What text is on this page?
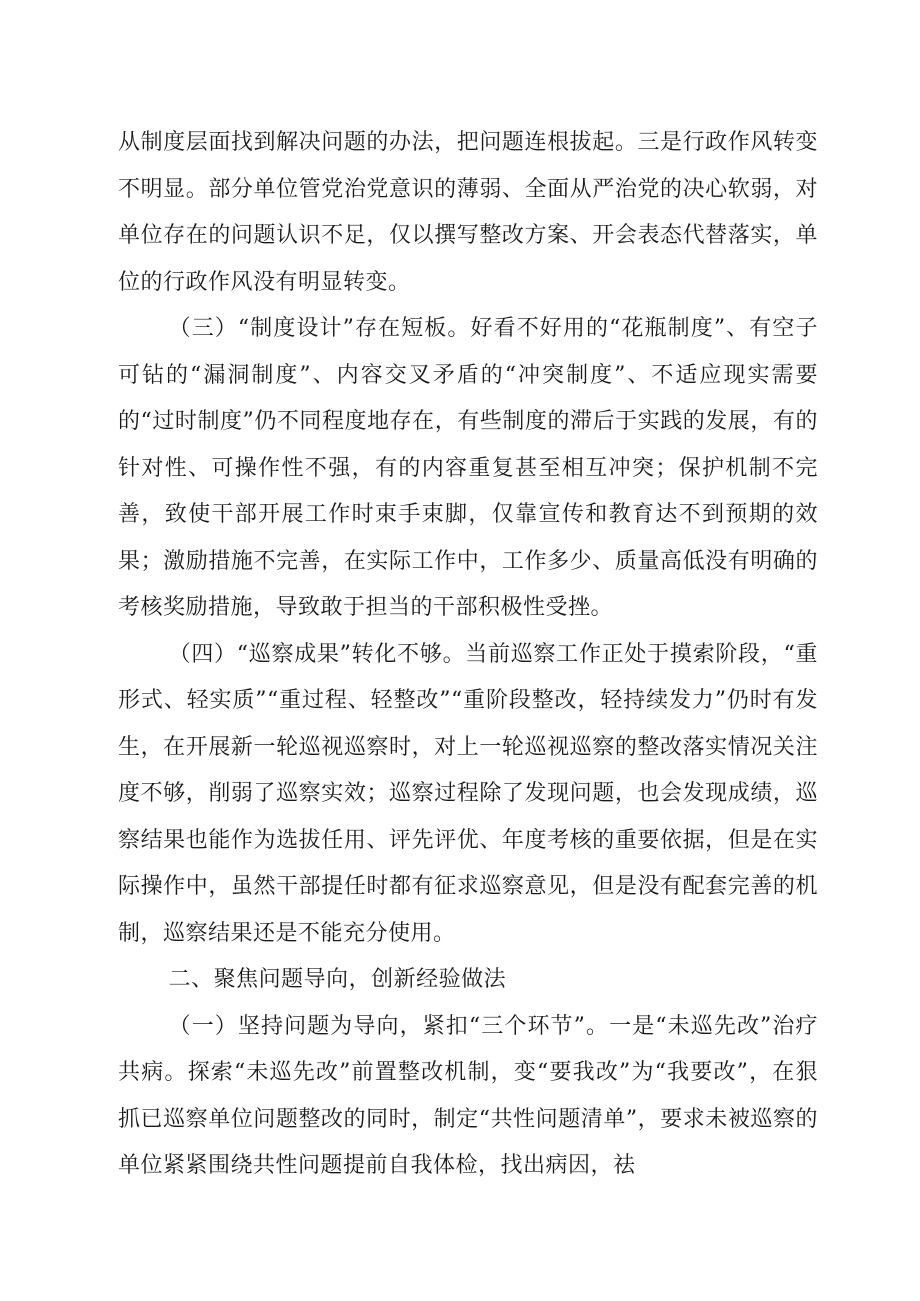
从制度层面找到解决问题的办法，把问题连根拔起。三是行政作风转变不明显。部分单位管党治党意识的薄弱、全面从严治党的决心软弱，对单位存在的问题认识不足，仅以撰写整改方案、开会表态代替落实，单位的行政作风没有明显转变。

（三）“制度设计”存在短板。好看不好用的“花瓶制度”、有空子可钻的“漏洞制度”、内容交叉矛盾的“冲突制度”、不适应现实需要的“过时制度”仍不同程度地存在，有些制度的滞后于实践的发展，有的针对性、可操作性不强，有的内容重复甚至相互冲突；保护机制不完善，致使干部开展工作时束手束脚，仅靠宣传和教育达不到预期的效果；激励措施不完善，在实际工作中，工作多少、质量高低没有明确的考核奖励措施，导致敢于担当的干部积极性受挫。

（四）“巡察成果”转化不够。当前巡察工作正处于摸索阶段，“重形式、轻实质”“重过程、轻整改”“重阶段整改，轻持续发力”仍时有发生，在开展新一轮巡视巡察时，对上一轮巡视巡察的整改落实情况关注度不够，削弱了巡察实效；巡察过程除了发现问题，也会发现成绩，巡察结果也能作为选拔任用、评先评优、年度考核的重要依据，但是在实际操作中，虽然干部提任时都有征求巡察意见，但是没有配套完善的机制，巡察结果还是不能充分使用。

二、聚焦问题导向，创新经验做法

（一）坚持问题为导向，紧扣“三个环节”。一是“未巡先改”治疗共病。探索“未巡先改”前置整改机制，变“要我改”为“我要改”，在狠抓已巡察单位问题整改的同时，制定“共性问题清单”，要求未被巡察的单位紧紧围绕共性问题提前自我体检，找出病因，祛
